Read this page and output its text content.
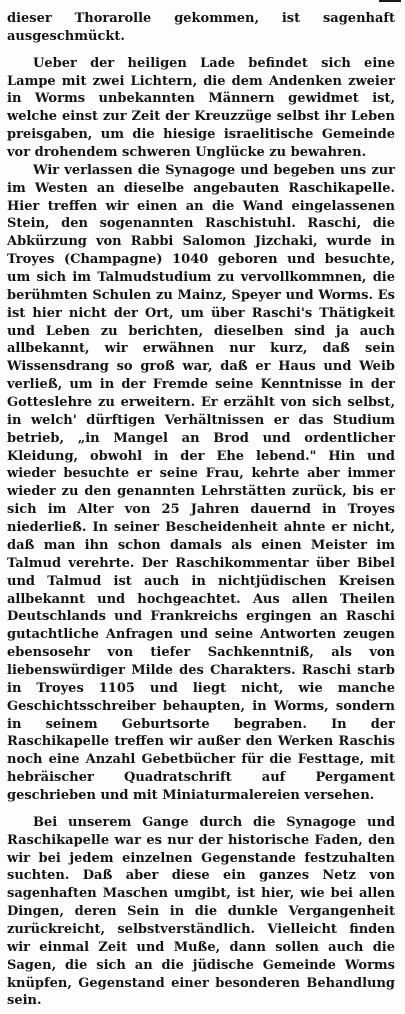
dieser Thorarolle gekommen, ist sagenhaft ausgeschmückt.

Ueber der heiligen Lade befindet sich eine Lampe mit zwei Lichtern, die dem Andenken zweier in Worms unbekannten Männern gewidmet ist, welche einst zur Zeit der Kreuzzüge selbst ihr Leben preisgaben, um die hiesige israelitische Gemeinde vor drohendem schweren Unglücke zu bewahren.

Wir verlassen die Synagoge und begeben uns zur im Westen an dieselbe angebauten Raschikapelle. Hier treffen wir einen an die Wand eingelassenen Stein, den sogenannten Raschistuhl. Raschi, die Abkürzung von Rabbi Salomon Jizchaki, wurde in Troyes (Champagne) 1040 geboren und besuchte, um sich im Talmudstudium zu vervollkommnen, die berühmten Schulen zu Mainz, Speyer und Worms. Es ist hier nicht der Ort, um über Raschi's Thätigkeit und Leben zu berichten, dieselben sind ja auch allbekannt, wir erwähnen nur kurz, daß sein Wissensdrang so groß war, daß er Haus und Weib verließ, um in der Fremde seine Kenntnisse in der Gotteslehre zu erweitern. Er erzählt von sich selbst, in welch' dürftigen Verhältnissen er das Studium betrieb, „in Mangel an Brod und ordentlicher Kleidung, obwohl in der Ehe lebend." Hin und wieder besuchte er seine Frau, kehrte aber immer wieder zu den genannten Lehrstätten zurück, bis er sich im Alter von 25 Jahren dauernd in Troyes niederließ. In seiner Bescheidenheit ahnte er nicht, daß man ihn schon damals als einen Meister im Talmud verehrte. Der Raschikommentar über Bibel und Talmud ist auch in nichtjüdischen Kreisen allbekannt und hochgeachtet. Aus allen Theilen Deutschlands und Frankreichs ergingen an Raschi gutachtliche Anfragen und seine Antworten zeugen ebensosehr von tiefer Sachkenntniß, als von liebenswürdiger Milde des Charakters. Raschi starb in Troyes 1105 und liegt nicht, wie manche Geschichtsschreiber behaupten, in Worms, sondern in seinem Geburtsorte begraben. In der Raschikapelle treffen wir außer den Werken Raschis noch eine Anzahl Gebetbücher für die Festtage, mit hebräischer Quadratschrift auf Pergament geschrieben und mit Miniaturmalereien versehen.

Bei unserem Gange durch die Synagoge und Raschikapelle war es nur der historische Faden, den wir bei jedem einzelnen Gegenstande festzuhalten suchten. Daß aber diese ein ganzes Netz von sagenhaften Maschen umgibt, ist hier, wie bei allen Dingen, deren Sein in die dunkle Vergangenheit zurückreicht, selbstverständlich. Vielleicht finden wir einmal Zeit und Muße, dann sollen auch die Sagen, die sich an die jüdische Gemeinde Worms knüpfen, Gegenstand einer besonderen Behandlung sein.
